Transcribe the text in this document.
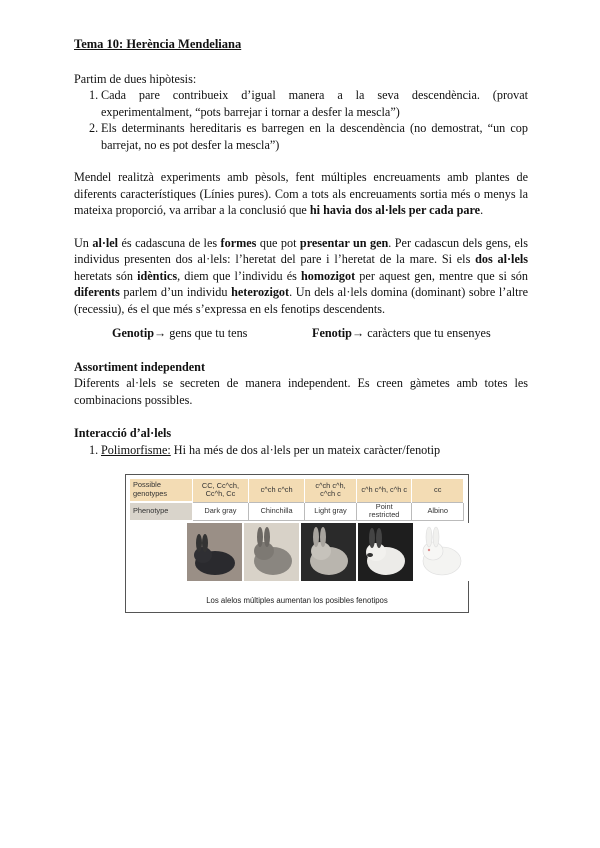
Tema 10: Herència Mendeliana

Partim de dues hipòtesis:

1. Cada pare contribueix d’igual manera a la seva descendència. (provat experimentalment, “pots barrejar i tornar a desfer la mescla”)
2. Els determinants hereditaris es barregen en la descendència (no demostrat, “un cop barrejat, no es pot desfer la mescla”)

Mendel realitzà experiments amb pèsols, fent múltiples encreuaments amb plantes de diferents característiques (Línies pures). Com a tots als encreuaments sortia més o menys la mateixa proporció, va arribar a la conclusió que hi havia dos al·lels per cada pare.

Un al·lel és cadascuna de les formes que pot presentar un gen. Per cadascun dels gens, els individus presenten dos al·lels: l’heretat del pare i l’heretat de la mare. Si els dos al·lels heretats són idèntics, diem que l’individu és homozigot per aquest gen, mentre que si són diferents parlem d’un individu heterozigot. Un dels al·lels domina (dominant) sobre l’altre (recessiu), és el que més s’expressa en els fenotips descendents.

Genotip→ gens que tu tens	Fenotip→ caràcters que tu ensenyes
Assortiment independent

Diferents al·lels se secreten de manera independent. Es creen gàmetes amb totes les combinacions possibles.

Interacció d’al·lels
1. Polimorfisme: Hi ha més de dos al·lels per un mateix caràcter/fenotip
Possible genotypes	CC, Cc^ch, Cc^h, Cc	c^ch c^ch	c^ch c^h, c^ch c	c^h c^h, c^h c	cc
Phenotype	Dark gray	Chinchilla	Light gray	Point restricted	Albino
Los alelos múltiples aumentan los posibles fenotipos
